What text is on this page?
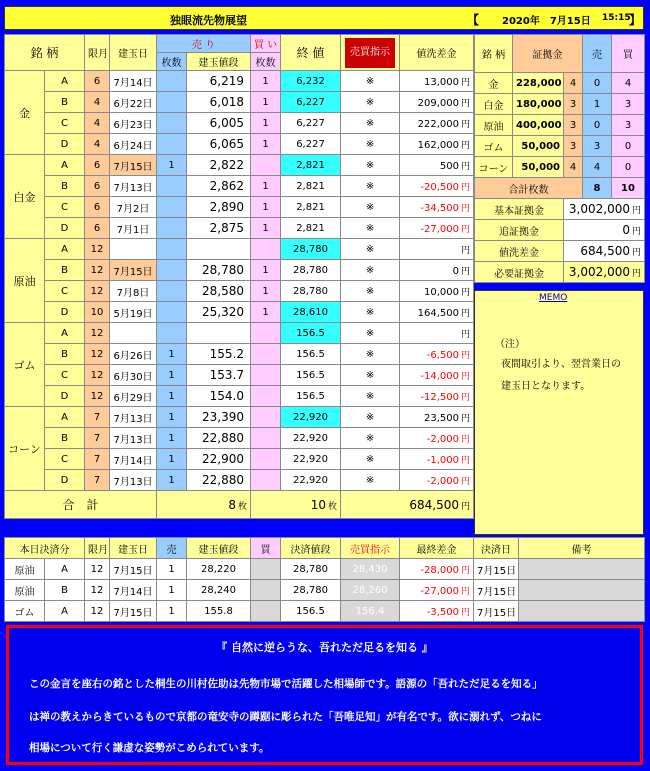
独眼流先物展望	【 2020年　7月15日 15:15
】
銘 柄		限月	建玉日	売 り		買 い	終 値	売買指示	値洗差金
				枚数	建玉値段	枚数			
金	A	6	7月14日		6,219	1	6,232	※	13,000 円
	B	4	6月22日		6,018	1	6,227	※	209,000 円
	C	4	6月23日		6,005	1	6,227	※	222,000 円
	D	4	6月24日		6,065	1	6,227	※	162,000 円
白金	A	6	7月15日	1	2,822		2,821	※	500 円
	B	6	7月13日		2,862	1	2,821	※	-20,500 円
	C	6	7月2日		2,890	1	2,821	※	-34,500 円
	D	6	7月1日		2,875	1	2,821	※	-27,000 円
原油	A	12					28,780	※	円
	B	12	7月15日		28,780	1	28,780	※	0 円
	C	12	7月8日		28,580	1	28,780	※	10,000 円
	D	10	5月19日		25,320	1	28,610	※	164,500 円
ゴム	A	12					156.5	※	円
	B	12	6月26日	1	155.2		156.5	※	-6,500 円
	C	12	6月30日	1	153.7		156.5	※	-14,000 円
	D	12	6月29日	1	154.0		156.5	※	-12,500 円
コーン	A	7	7月13日	1	23,390		22,920	※	23,500 円
	B	7	7月13日	1	22,880		22,920	※	-2,000 円
	C	7	7月14日	1	22,900		22,920	※	-1,000 円
	D	7	7月13日	1	22,880		22,920	※	-2,000 円
合　計				8 枚		10 枚		684,500 円	
銘 柄	証拠金		売	買
金	228,000	4	0	4
白金	180,000	3	1	3
原油	400,000	3	0	3
ゴム	50,000	3	3	0
コーン	50,000	4	4	0
合計枚数			8	10
基本証拠金		3,002,000 円		
追証拠金		0 円		
値洗差金		684,500 円		
必要証拠金		3,002,000 円		
MEMO
（注）
夜間取引より、翌営業日の
建玉日となります。
本日決済分		限月	建玉日	売	建玉値段	買	決済値段	売買指示	最終差金	決済日	備考
原油	A	12	7月15日	1	28,220		28,780	28,430	-28,000 円	7月15日	
原油	B	12	7月14日	1	28,240		28,780	28,260	-27,000 円	7月15日	
ゴム	A	12	7月15日	1	155.8		156.5	156.4	-3,500 円	7月15日	
『 自然に逆らうな、吾れただ足るを知る 』
この金言を座右の銘とした桐生の川村佐助は先物市場で活躍した相場師です。語源の「吾れただ足るを知る」
は禅の教えからきているもので京都の竜安寺の蹲踞に彫られた「吾唯足知」が有名です。欲に溺れず、つねに
相場について行く謙虚な姿勢がこめられています。
